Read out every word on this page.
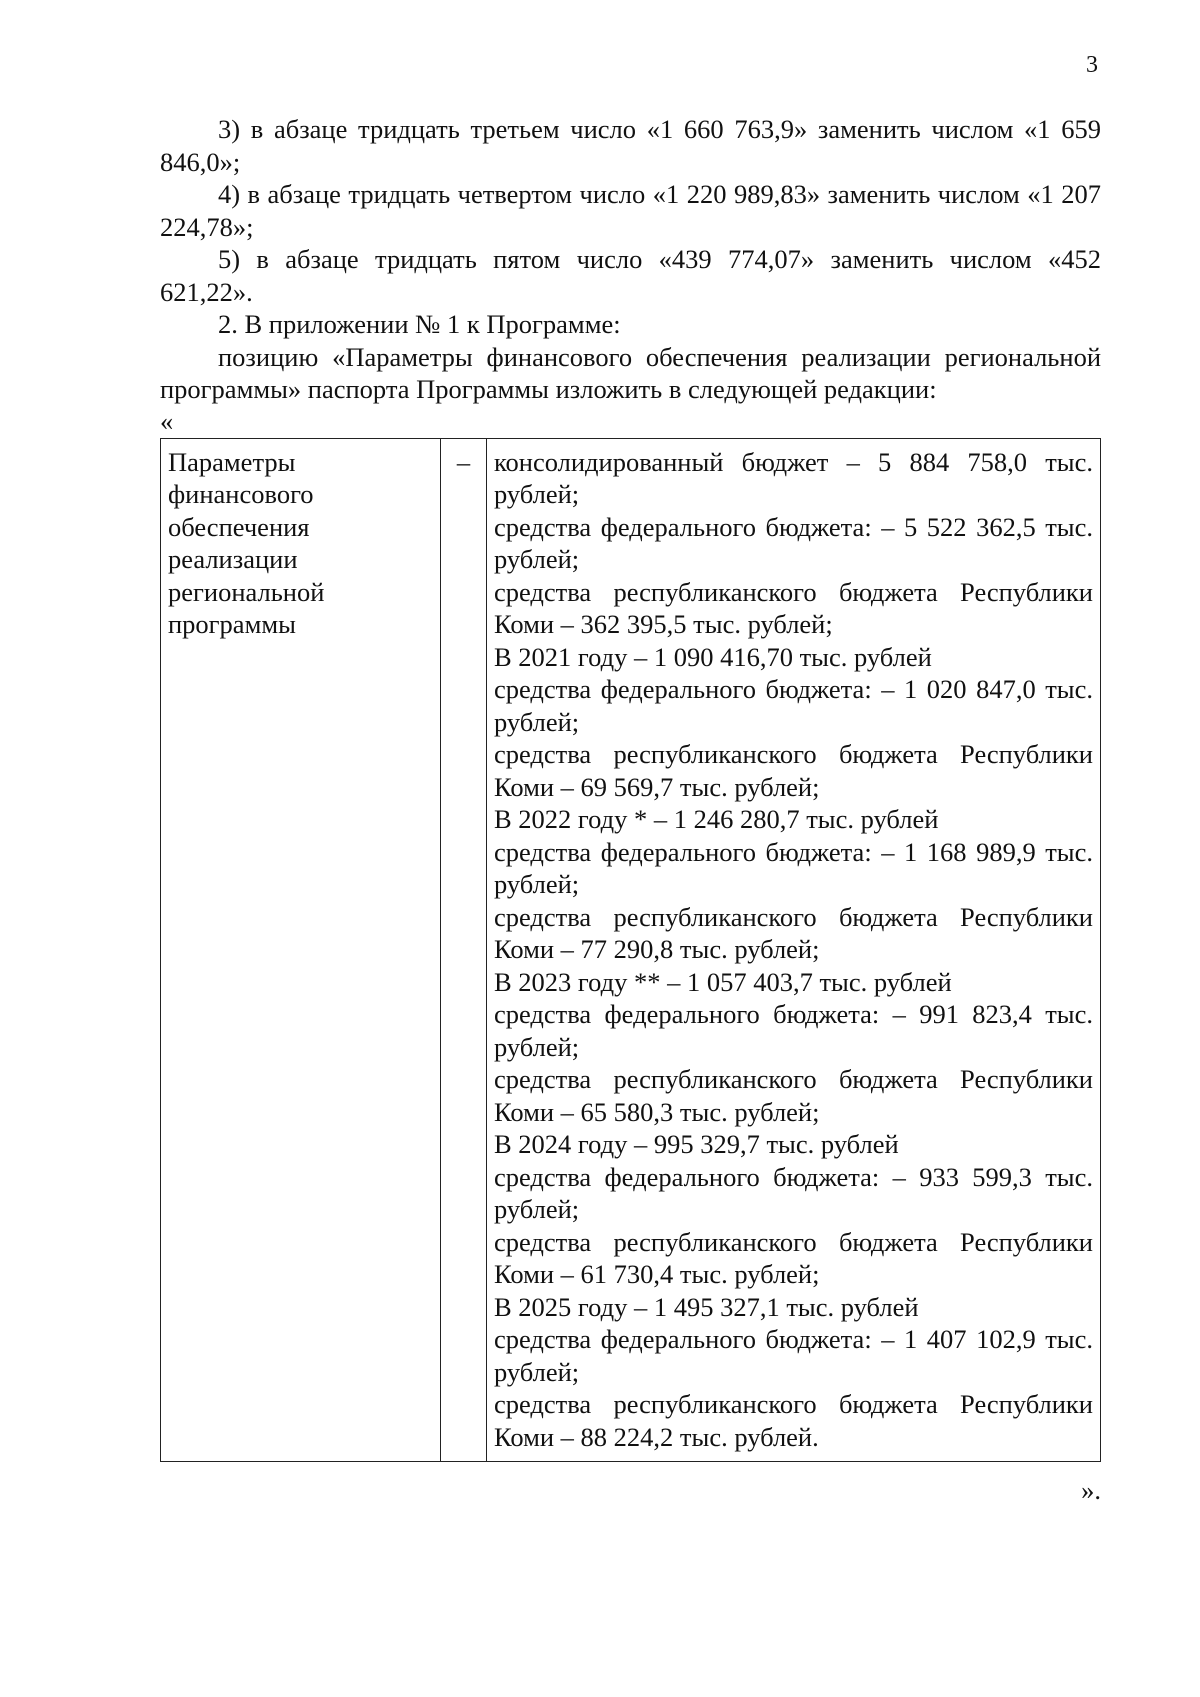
3

3) в абзаце тридцать третьем число «1 660 763,9» заменить числом «1 659 846,0»;

4) в абзаце тридцать четвертом число «1 220 989,83» заменить числом «1 207 224,78»;

5) в абзаце тридцать пятом число «439 774,07» заменить числом «452 621,22».

2. В приложении № 1 к Программе:

позицию «Параметры финансового обеспечения реализации региональной программы» паспорта Программы изложить в следующей редакции:

«

Параметры финансового обеспечения реализации региональной программы	–	консолидированный бюджет – 5 884 758,0 тыс. рублей;
средства федерального бюджета: – 5 522 362,5 тыс. рублей;
средства республиканского бюджета Республики Коми – 362 395,5 тыс. рублей;
В 2021 году – 1 090 416,70 тыс. рублей
средства федерального бюджета: – 1 020 847,0 тыс. рублей;
средства республиканского бюджета Республики Коми – 69 569,7 тыс. рублей;
В 2022 году * – 1 246 280,7 тыс. рублей
средства федерального бюджета: – 1 168 989,9 тыс. рублей;
средства республиканского бюджета Республики Коми – 77 290,8 тыс. рублей;
В 2023 году ** – 1 057 403,7 тыс. рублей
средства федерального бюджета: – 991 823,4 тыс. рублей;
средства республиканского бюджета Республики Коми – 65 580,3 тыс. рублей;
В 2024 году – 995 329,7 тыс. рублей
средства федерального бюджета: – 933 599,3 тыс. рублей;
средства республиканского бюджета Республики Коми – 61 730,4 тыс. рублей;
В 2025 году – 1 495 327,1 тыс. рублей
средства федерального бюджета: – 1 407 102,9 тыс. рублей;
средства республиканского бюджета Республики Коми – 88 224,2 тыс. рублей.

».
